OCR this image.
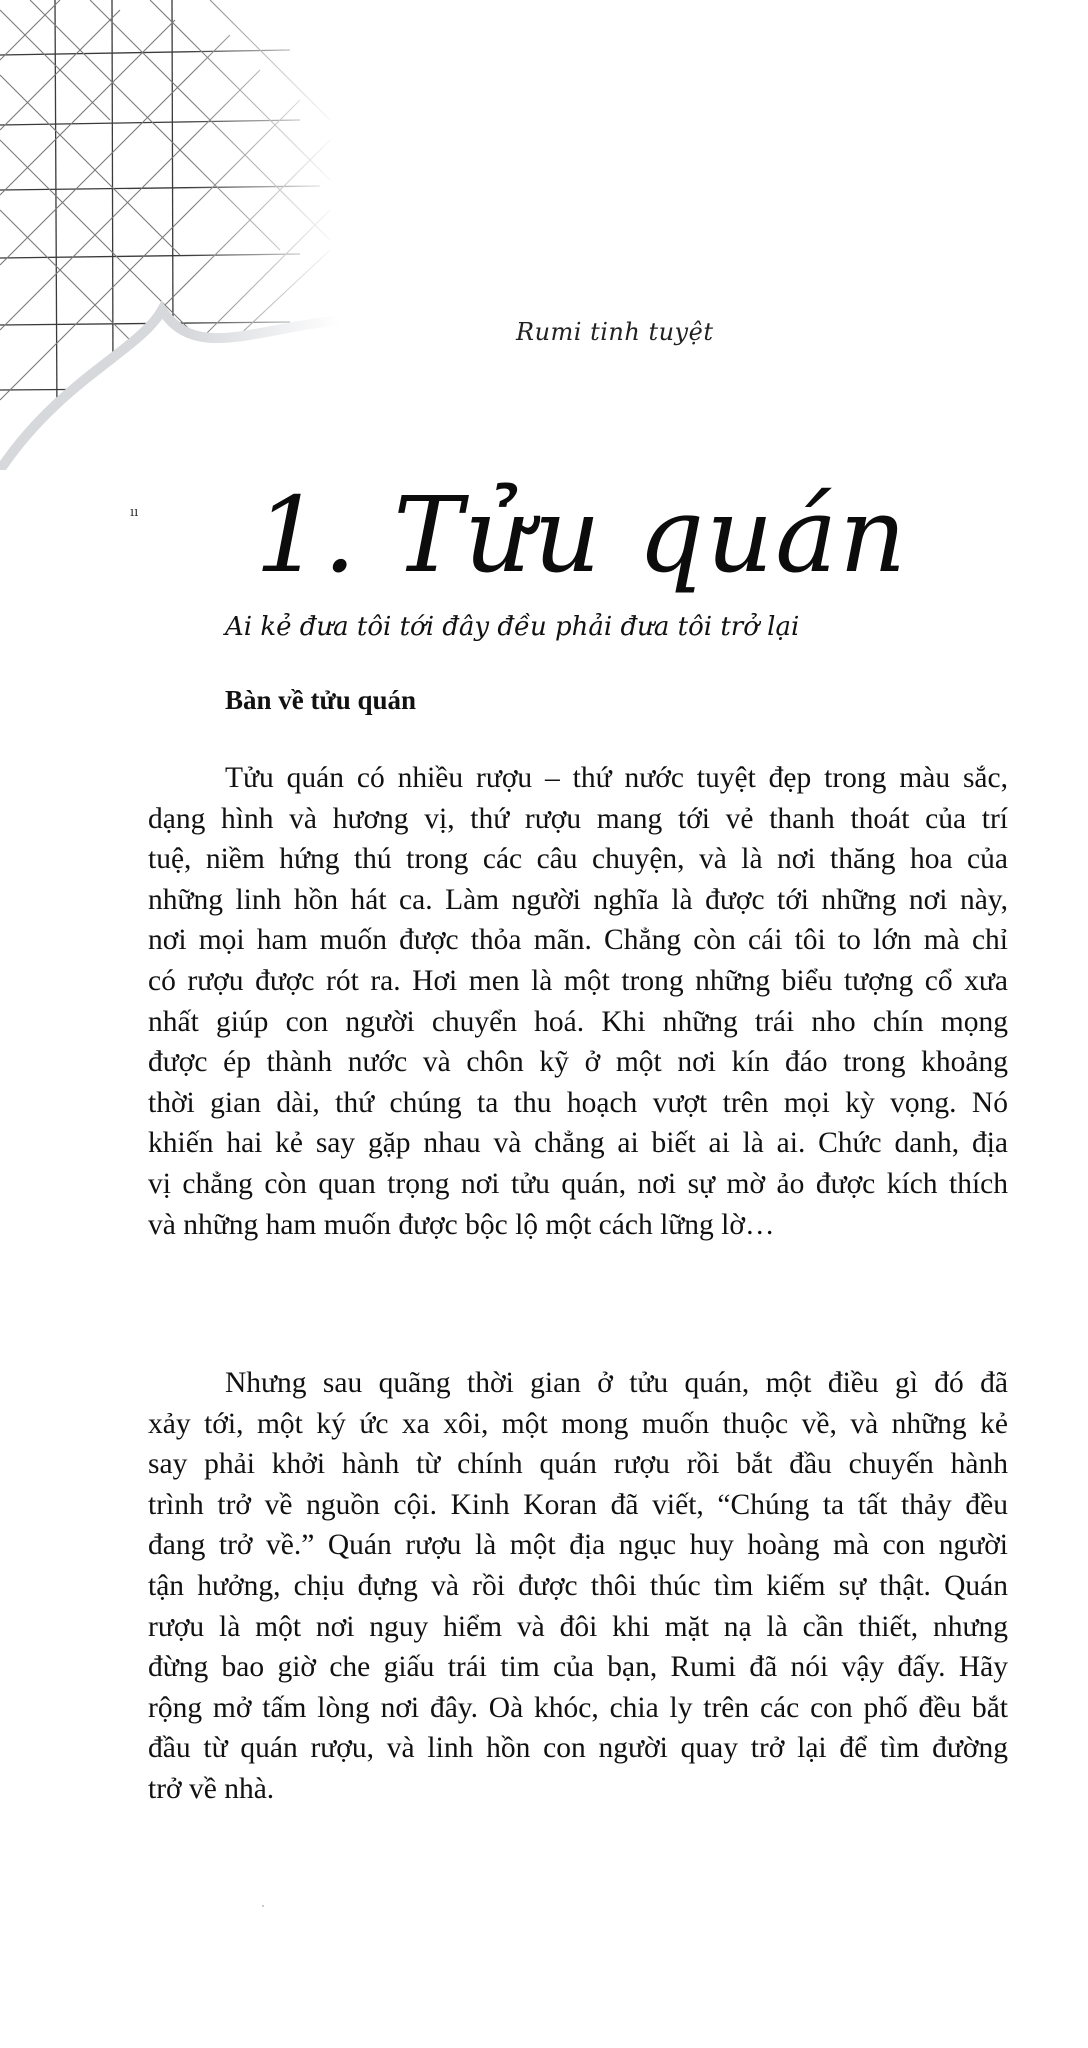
Rumi tinh tuyệt
ıı 1. Tửu quán
Ai kẻ đưa tôi tới đây đều phải đưa tôi trở lại
Bàn về tửu quán
Tửu quán có nhiều rượu – thứ nước tuyệt đẹp trong màu sắc,
dạng hình và hương vị, thứ rượu mang tới vẻ thanh thoát của trí
tuệ, niềm hứng thú trong các câu chuyện, và là nơi thăng hoa của
những linh hồn hát ca. Làm người nghĩa là được tới những nơi này,
nơi mọi ham muốn được thỏa mãn. Chẳng còn cái tôi to lớn mà chỉ
có rượu được rót ra. Hơi men là một trong những biểu tượng cổ xưa
nhất giúp con người chuyển hoá. Khi những trái nho chín mọng
được ép thành nước và chôn kỹ ở một nơi kín đáo trong khoảng
thời gian dài, thứ chúng ta thu hoạch vượt trên mọi kỳ vọng. Nó
khiến hai kẻ say gặp nhau và chẳng ai biết ai là ai. Chức danh, địa
vị chẳng còn quan trọng nơi tửu quán, nơi sự mờ ảo được kích thích
và những ham muốn được bộc lộ một cách lững lờ…
Nhưng sau quãng thời gian ở tửu quán, một điều gì đó đã
xảy tới, một ký ức xa xôi, một mong muốn thuộc về, và những kẻ
say phải khởi hành từ chính quán rượu rồi bắt đầu chuyến hành
trình trở về nguồn cội. Kinh Koran đã viết, “Chúng ta tất thảy đều
đang trở về.” Quán rượu là một địa ngục huy hoàng mà con người
tận hưởng, chịu đựng và rồi được thôi thúc tìm kiếm sự thật. Quán
rượu là một nơi nguy hiểm và đôi khi mặt nạ là cần thiết, nhưng
đừng bao giờ che giấu trái tim của bạn, Rumi đã nói vậy đấy. Hãy
rộng mở tấm lòng nơi đây. Oà khóc, chia ly trên các con phố đều bắt
đầu từ quán rượu, và linh hồn con người quay trở lại để tìm đường
trở về nhà.
